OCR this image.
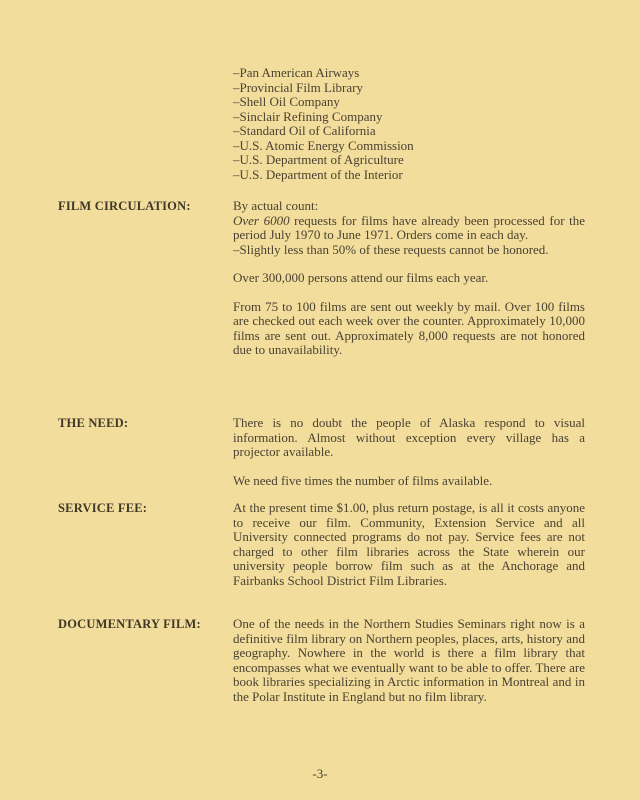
–Pan American Airways
–Provincial Film Library
–Shell Oil Company
–Sinclair Refining Company
–Standard Oil of California
–U.S. Atomic Energy Commission
–U.S. Department of Agriculture
–U.S. Department of the Interior
FILM CIRCULATION:	By actual count:
Over 6000 requests for films have already been processed for the period July 1970 to June 1971. Orders come in each day.
–Slightly less than 50% of these requests cannot be honored.

Over 300,000 persons attend our films each year.

From 75 to 100 films are sent out weekly by mail. Over 100 films are checked out each week over the counter. Approximately 10,000 films are sent out. Approximately 8,000 requests are not honored due to unavailability.

THE NEED:	There is no doubt the people of Alaska respond to visual information. Almost without exception every village has a projector available.

We need five times the number of films available.

SERVICE FEE:	At the present time $1.00, plus return postage, is all it costs anyone to receive our film. Community, Extension Service and all University connected programs do not pay. Service fees are not charged to other film libraries across the State wherein our university people borrow film such as at the Anchorage and Fairbanks School District Film Libraries.

DOCUMENTARY FILM: One of the needs in the Northern Studies Seminars right now is a definitive film library on Northern peoples, places, arts, history and geography. Nowhere in the world is there a film library that encompasses what we eventually want to be able to offer. There are book libraries specializing in Arctic information in Montreal and in the Polar Institute in England but no film library.

-3-
